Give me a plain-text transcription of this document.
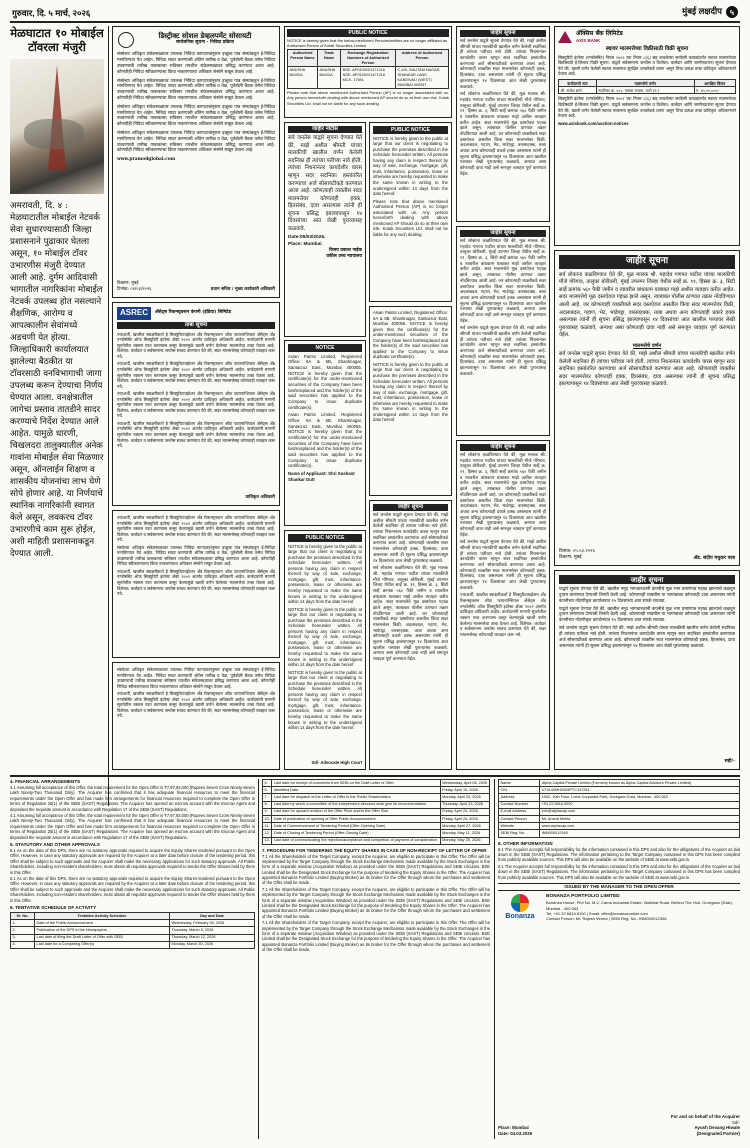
गुरुवार, दि. ५ मार्च, २०२६	मुंबई लक्षदीप ५
मेळघाटात १० मोबाईल टॉवरला मंजुरी
अमरावती, दि. ४ : मेळघाटातील मोबाईल नेटवर्क सेवा सुधारण्यासाठी जिल्हा प्रशासनाने पुढाकार घेतला असून, १० मोबाईल टॉवर उभारणीस मंजुरी देण्यात आली आहे. दुर्गम आदिवासी भागातील नागरिकांना मोबाईल नेटवर्क उपलब्ध होत नसल्याने शैक्षणिक, आरोग्य व आपत्कालीन सेवांमध्ये अडचणी येत होत्या. जिल्हाधिकारी कार्यालयात झालेल्या बैठकीत या टॉवरसाठी वनविभागाची जागा उपलब्ध करून देण्याचा निर्णय घेण्यात आला. वनक्षेत्रातील जागेचा प्रस्ताव तातडीने सादर करण्याचे निर्देश देण्यात आले आहेत. यामुळे धारणी, चिखलदरा तालुक्यातील अनेक गावांना मोबाईल सेवा मिळणार असून, ऑनलाईन शिक्षण व शासकीय योजनांचा लाभ घेणे सोपे होणार आहे. या निर्णयाचे स्थानिक नागरिकांनी स्वागत केले असून, लवकरच टॉवर उभारणीचे काम सुरू होईल, अशी माहिती प्रशासनाकडून देण्यात आली.
डिस्ट्रीक्ट सोशल डेव्हलपमेंट सोसायटी
सार्वजनिक सूचना - निविदा प्रक्रिया
संस्थेच्या अधिकृत संकेतस्थळावर उपलब्ध निविदा कागदपत्रांनुसार इच्छुक पात्र संस्थांकडून ई-निविदा मागविण्यात येत आहेत. निविदा सादर करण्याची अंतिम तारीख व वेळ, पूर्वबोली बैठक तसेच निविदा उघडण्याची तारीख याबाबतचा सविस्तर तपशील संकेतस्थळावर प्रसिद्ध करण्यात आला आहे. कोणतीही निविदा स्वीकारण्याचा किंवा नाकारण्याचा अधिकार संस्थेने राखून ठेवला आहे.
संस्थेच्या अधिकृत संकेतस्थळावर उपलब्ध निविदा कागदपत्रांनुसार इच्छुक पात्र संस्थांकडून ई-निविदा मागविण्यात येत आहेत. निविदा सादर करण्याची अंतिम तारीख व वेळ, पूर्वबोली बैठक तसेच निविदा उघडण्याची तारीख याबाबतचा सविस्तर तपशील संकेतस्थळावर प्रसिद्ध करण्यात आला आहे. कोणतीही निविदा स्वीकारण्याचा किंवा नाकारण्याचा अधिकार संस्थेने राखून ठेवला आहे.
संस्थेच्या अधिकृत संकेतस्थळावर उपलब्ध निविदा कागदपत्रांनुसार इच्छुक पात्र संस्थांकडून ई-निविदा मागविण्यात येत आहेत. निविदा सादर करण्याची अंतिम तारीख व वेळ, पूर्वबोली बैठक तसेच निविदा उघडण्याची तारीख याबाबतचा सविस्तर तपशील संकेतस्थळावर प्रसिद्ध करण्यात आला आहे. कोणतीही निविदा स्वीकारण्याचा किंवा नाकारण्याचा अधिकार संस्थेने राखून ठेवला आहे.
संस्थेच्या अधिकृत संकेतस्थळावर उपलब्ध निविदा कागदपत्रांनुसार इच्छुक पात्र संस्थांकडून ई-निविदा मागविण्यात येत आहेत. निविदा सादर करण्याची अंतिम तारीख व वेळ, पूर्वबोली बैठक तसेच निविदा उघडण्याची तारीख याबाबतचा सविस्तर तपशील संकेतस्थळावर प्रसिद्ध करण्यात आला आहे. कोणतीही निविदा स्वीकारण्याचा किंवा नाकारण्याचा अधिकार संस्थेने राखून ठेवला आहे.
www.pramodglobal.com
ठिकाण: मुंबई
दिनांक: ०४/०३/२०२६	प्रधान सचिव / मुख्य कार्यकारी अधिकारी
ASREC	ॲसेट्स रिकन्स्ट्रक्शन कंपनी (इंडिया) लिमिटेड
ताबा सूचना
ज्याअर्थी, खालील स्वाक्षरीकर्ता हे सिक्युरिटायझेशन अँड रिकन्स्ट्रक्शन ऑफ फायनान्शियल ॲसेट्स अँड एन्फोर्समेंट ऑफ सिक्युरिटी इंटरेस्ट ॲक्ट २००२ अंतर्गत प्राधिकृत अधिकारी आहेत. कर्जदारांनी मागणी सूचनेतील रक्कम परत करण्यास कसूर केल्यामुळे खाली वर्णन केलेल्या मालमत्तेचा ताबा घेतला आहे. विशेषत: कर्जदार व सर्वसामान्य जनतेस सावध करण्यात येते की, सदर मालमत्तेसह कोणताही व्यवहार करू नये.
ज्याअर्थी, खालील स्वाक्षरीकर्ता हे सिक्युरिटायझेशन अँड रिकन्स्ट्रक्शन ऑफ फायनान्शियल ॲसेट्स अँड एन्फोर्समेंट ऑफ सिक्युरिटी इंटरेस्ट ॲक्ट २००२ अंतर्गत प्राधिकृत अधिकारी आहेत. कर्जदारांनी मागणी सूचनेतील रक्कम परत करण्यास कसूर केल्यामुळे खाली वर्णन केलेल्या मालमत्तेचा ताबा घेतला आहे. विशेषत: कर्जदार व सर्वसामान्य जनतेस सावध करण्यात येते की, सदर मालमत्तेसह कोणताही व्यवहार करू नये.
ज्याअर्थी, खालील स्वाक्षरीकर्ता हे सिक्युरिटायझेशन अँड रिकन्स्ट्रक्शन ऑफ फायनान्शियल ॲसेट्स अँड एन्फोर्समेंट ऑफ सिक्युरिटी इंटरेस्ट ॲक्ट २००२ अंतर्गत प्राधिकृत अधिकारी आहेत. कर्जदारांनी मागणी सूचनेतील रक्कम परत करण्यास कसूर केल्यामुळे खाली वर्णन केलेल्या मालमत्तेचा ताबा घेतला आहे. विशेषत: कर्जदार व सर्वसामान्य जनतेस सावध करण्यात येते की, सदर मालमत्तेसह कोणताही व्यवहार करू नये.
ज्याअर्थी, खालील स्वाक्षरीकर्ता हे सिक्युरिटायझेशन अँड रिकन्स्ट्रक्शन ऑफ फायनान्शियल ॲसेट्स अँड एन्फोर्समेंट ऑफ सिक्युरिटी इंटरेस्ट ॲक्ट २००२ अंतर्गत प्राधिकृत अधिकारी आहेत. कर्जदारांनी मागणी सूचनेतील रक्कम परत करण्यास कसूर केल्यामुळे खाली वर्णन केलेल्या मालमत्तेचा ताबा घेतला आहे. विशेषत: कर्जदार व सर्वसामान्य जनतेस सावध करण्यात येते की, सदर मालमत्तेसह कोणताही व्यवहार करू नये.
प्राधिकृत अधिकारी
ज्याअर्थी, खालील स्वाक्षरीकर्ता हे सिक्युरिटायझेशन अँड रिकन्स्ट्रक्शन ऑफ फायनान्शियल ॲसेट्स अँड एन्फोर्समेंट ऑफ सिक्युरिटी इंटरेस्ट ॲक्ट २००२ अंतर्गत प्राधिकृत अधिकारी आहेत. कर्जदारांनी मागणी सूचनेतील रक्कम परत करण्यास कसूर केल्यामुळे खाली वर्णन केलेल्या मालमत्तेचा ताबा घेतला आहे. विशेषत: कर्जदार व सर्वसामान्य जनतेस सावध करण्यात येते की, सदर मालमत्तेसह कोणताही व्यवहार करू नये.
संस्थेच्या अधिकृत संकेतस्थळावर उपलब्ध निविदा कागदपत्रांनुसार इच्छुक पात्र संस्थांकडून ई-निविदा मागविण्यात येत आहेत. निविदा सादर करण्याची अंतिम तारीख व वेळ, पूर्वबोली बैठक तसेच निविदा उघडण्याची तारीख याबाबतचा सविस्तर तपशील संकेतस्थळावर प्रसिद्ध करण्यात आला आहे. कोणतीही निविदा स्वीकारण्याचा किंवा नाकारण्याचा अधिकार संस्थेने राखून ठेवला आहे.
ज्याअर्थी, खालील स्वाक्षरीकर्ता हे सिक्युरिटायझेशन अँड रिकन्स्ट्रक्शन ऑफ फायनान्शियल ॲसेट्स अँड एन्फोर्समेंट ऑफ सिक्युरिटी इंटरेस्ट ॲक्ट २००२ अंतर्गत प्राधिकृत अधिकारी आहेत. कर्जदारांनी मागणी सूचनेतील रक्कम परत करण्यास कसूर केल्यामुळे खाली वर्णन केलेल्या मालमत्तेचा ताबा घेतला आहे. विशेषत: कर्जदार व सर्वसामान्य जनतेस सावध करण्यात येते की, सदर मालमत्तेसह कोणताही व्यवहार करू नये.
संस्थेच्या अधिकृत संकेतस्थळावर उपलब्ध निविदा कागदपत्रांनुसार इच्छुक पात्र संस्थांकडून ई-निविदा मागविण्यात येत आहेत. निविदा सादर करण्याची अंतिम तारीख व वेळ, पूर्वबोली बैठक तसेच निविदा उघडण्याची तारीख याबाबतचा सविस्तर तपशील संकेतस्थळावर प्रसिद्ध करण्यात आला आहे. कोणतीही निविदा स्वीकारण्याचा किंवा नाकारण्याचा अधिकार संस्थेने राखून ठेवला आहे.
ज्याअर्थी, खालील स्वाक्षरीकर्ता हे सिक्युरिटायझेशन अँड रिकन्स्ट्रक्शन ऑफ फायनान्शियल ॲसेट्स अँड एन्फोर्समेंट ऑफ सिक्युरिटी इंटरेस्ट ॲक्ट २००२ अंतर्गत प्राधिकृत अधिकारी आहेत. कर्जदारांनी मागणी सूचनेतील रक्कम परत करण्यास कसूर केल्यामुळे खाली वर्णन केलेल्या मालमत्तेचा ताबा घेतला आहे. विशेषत: कर्जदार व सर्वसामान्य जनतेस सावध करण्यात येते की, सदर मालमत्तेसह कोणताही व्यवहार करू नये.
PUBLIC NOTICE
NOTICE is hereby given that the below mentioned Persons/entities are no longer affiliated as Authorised Person of Kotak Securities Limited
Authorized Person Name	Trade Name	Exchange Registration Numbers of Authorized Person	Address of Authorized Person
ANUSHA BAGDA	ANUSHA BAGDA	BSE- AP0109201471216 NSE- AP0109201471216 MCX- 17691	C-4/5, GAUTAM NAGAR, SHANKAR LANE, KANDIVALI (WEST) MUMBAI 400067
Please note that above mentioned Authorised Person (AP) is no longer associated with us. Any person henceforth dealing with above mentioned AP should do so at their own risk. Kotak Securities Ltd. shall not be liable for any such dealing.
जाहीर नोटीस
सर्व जनतेस याद्वारे सूचना देण्यात येते की, माझे अशील श्रीमती यांच्या मालकीची खालील वर्णन केलेली सदनिका ही त्यांच्या पतीच्या नावे होती. त्यांच्या निधनानंतर कायदेशीर वारस म्हणून सदर सदनिका हस्तांतरित करण्याचा अर्ज सोसायटीकडे करण्यात आला आहे. कोणत्याही व्यक्तीस सदर मालमत्तेवर कोणताही हक्क, हितसंबंध, दावा असल्यास त्यांनी ही सूचना प्रसिद्ध झाल्यापासून १४ दिवसांच्या आत लेखी पुराव्यासह कळवावे.
Date:05/03/2026.
Place: Mumbai
विजय प्रकाश नाईक
वकील उच्च न्यायालय
NOTICE
Asian Paints Limited, Registered Office: 6A & 6B, Shantinagar, Santacruz East, Mumbai 400055. NOTICE is hereby given that the certificate(s) for the under-mentioned securities of the Company have been lost/misplaced and the holder(s) of the said securities has applied to the Company to issue duplicate certificate(s).
Asian Paints Limited, Registered Office: 6A & 6B, Shantinagar, Santacruz East, Mumbai 400055. NOTICE is hereby given that the certificate(s) for the under-mentioned securities of the Company have been lost/misplaced and the holder(s) of the said securities has applied to the Company to issue duplicate certificate(s).
Name of Applicant: Shri Sushant Shankar Dutt
PUBLIC NOTICE
NOTICE is hereby given to the public at large that our client is negotiating to purchase the premises described in the Schedule hereunder written. All persons having any claim in respect thereof by way of sale, exchange, mortgage, gift, trust, inheritance, possession, lease or otherwise are hereby requested to make the same known in writing to the undersigned within 14 days from the date hereof.
NOTICE is hereby given to the public at large that our client is negotiating to purchase the premises described in the Schedule hereunder written. All persons having any claim in respect thereof by way of sale, exchange, mortgage, gift, trust, inheritance, possession, lease or otherwise are hereby requested to make the same known in writing to the undersigned within 14 days from the date hereof.
NOTICE is hereby given to the public at large that our client is negotiating to purchase the premises described in the Schedule hereunder written. All persons having any claim in respect thereof by way of sale, exchange, mortgage, gift, trust, inheritance, possession, lease or otherwise are hereby requested to make the same known in writing to the undersigned within 14 days from the date hereof.
Sd/- Advocate High Court
PUBLIC NOTICE
NOTICE is hereby given to the public at large that our client is negotiating to purchase the premises described in the Schedule hereunder written. All persons having any claim in respect thereof by way of sale, exchange, mortgage, gift, trust, inheritance, possession, lease or otherwise are hereby requested to make the same known in writing to the undersigned within 14 days from the date hereof.
Please note that above mentioned Authorised Person (AP) is no longer associated with us. Any person henceforth dealing with above mentioned AP should do so at their own risk. Kotak Securities Ltd. shall not be liable for any such dealing.
Asian Paints Limited, Registered Office: 6A & 6B, Shantinagar, Santacruz East, Mumbai 400055. NOTICE is hereby given that the certificate(s) for the under-mentioned securities of the Company have been lost/misplaced and the holder(s) of the said securities has applied to the Company to issue duplicate certificate(s).
NOTICE is hereby given to the public at large that our client is negotiating to purchase the premises described in the Schedule hereunder written. All persons having any claim in respect thereof by way of sale, exchange, mortgage, gift, trust, inheritance, possession, lease or otherwise are hereby requested to make the same known in writing to the undersigned within 14 days from the date hereof.
जाहीर सूचना
सर्व जनतेस याद्वारे सूचना देण्यात येते की, माझे अशील श्रीमती यांच्या मालकीची खालील वर्णन केलेली सदनिका ही त्यांच्या पतीच्या नावे होती. त्यांच्या निधनानंतर कायदेशीर वारस म्हणून सदर सदनिका हस्तांतरित करण्याचा अर्ज सोसायटीकडे करण्यात आला आहे. कोणत्याही व्यक्तीस सदर मालमत्तेवर कोणताही हक्क, हितसंबंध, दावा असल्यास त्यांनी ही सूचना प्रसिद्ध झाल्यापासून १४ दिवसांच्या आत लेखी पुराव्यासह कळवावे.
सर्व लोकांना कळविण्यात येते की, मूळ मालक श्री. महादेव गणपत पाटील यांच्या मालकीची मौजे गोरेगाव, तालुका बोरीवली, मुंबई उपनगर जिल्हा येथील सर्व्हे क्र. ११, हिस्सा क्र. ३, सिटी सर्व्हे क्रमांक ५६० पैकी जमीन व त्यावरील बांधकाम याबाबत माझे अशील व्यवहार करीत आहेत. सदर मालमत्तेचे मूळ दस्तऐवज गहाळ झाले असून, त्याबाबत पोलीस ठाण्यात तक्रार नोंदविण्यात आली आहे. जर कोणत्याही व्यक्तीकडे सदर दस्तऐवज असतील किंवा सदर मालमत्तेवर विक्री, अदलाबदल, गहाण, भेट, भाडेपट्टा, वारसाहक्क, ताबा अथवा अन्य कोणत्याही प्रकारे हक्क असल्यास त्यांनी ही सूचना प्रसिद्ध झाल्यापासून १४ दिवसांच्या आत खालील पत्त्यावर लेखी पुराव्यासह कळवावे, अन्यथा असा कोणताही दावा नाही असे समजून व्यवहार पूर्ण करण्यात येईल.
जाहीर सूचना
सर्व जनतेस याद्वारे सूचना देण्यात येते की, माझे अशील श्रीमती यांच्या मालकीची खालील वर्णन केलेली सदनिका ही त्यांच्या पतीच्या नावे होती. त्यांच्या निधनानंतर कायदेशीर वारस म्हणून सदर सदनिका हस्तांतरित करण्याचा अर्ज सोसायटीकडे करण्यात आला आहे. कोणत्याही व्यक्तीस सदर मालमत्तेवर कोणताही हक्क, हितसंबंध, दावा असल्यास त्यांनी ही सूचना प्रसिद्ध झाल्यापासून १४ दिवसांच्या आत लेखी पुराव्यासह कळवावे.
सर्व लोकांना कळविण्यात येते की, मूळ मालक श्री. महादेव गणपत पाटील यांच्या मालकीची मौजे गोरेगाव, तालुका बोरीवली, मुंबई उपनगर जिल्हा येथील सर्व्हे क्र. ११, हिस्सा क्र. ३, सिटी सर्व्हे क्रमांक ५६० पैकी जमीन व त्यावरील बांधकाम याबाबत माझे अशील व्यवहार करीत आहेत. सदर मालमत्तेचे मूळ दस्तऐवज गहाळ झाले असून, त्याबाबत पोलीस ठाण्यात तक्रार नोंदविण्यात आली आहे. जर कोणत्याही व्यक्तीकडे सदर दस्तऐवज असतील किंवा सदर मालमत्तेवर विक्री, अदलाबदल, गहाण, भेट, भाडेपट्टा, वारसाहक्क, ताबा अथवा अन्य कोणत्याही प्रकारे हक्क असल्यास त्यांनी ही सूचना प्रसिद्ध झाल्यापासून १४ दिवसांच्या आत खालील पत्त्यावर लेखी पुराव्यासह कळवावे, अन्यथा असा कोणताही दावा नाही असे समजून व्यवहार पूर्ण करण्यात येईल.
जाहीर सूचना
सर्व लोकांना कळविण्यात येते की, मूळ मालक श्री. महादेव गणपत पाटील यांच्या मालकीची मौजे गोरेगाव, तालुका बोरीवली, मुंबई उपनगर जिल्हा येथील सर्व्हे क्र. ११, हिस्सा क्र. ३, सिटी सर्व्हे क्रमांक ५६० पैकी जमीन व त्यावरील बांधकाम याबाबत माझे अशील व्यवहार करीत आहेत. सदर मालमत्तेचे मूळ दस्तऐवज गहाळ झाले असून, त्याबाबत पोलीस ठाण्यात तक्रार नोंदविण्यात आली आहे. जर कोणत्याही व्यक्तीकडे सदर दस्तऐवज असतील किंवा सदर मालमत्तेवर विक्री, अदलाबदल, गहाण, भेट, भाडेपट्टा, वारसाहक्क, ताबा अथवा अन्य कोणत्याही प्रकारे हक्क असल्यास त्यांनी ही सूचना प्रसिद्ध झाल्यापासून १४ दिवसांच्या आत खालील पत्त्यावर लेखी पुराव्यासह कळवावे, अन्यथा असा कोणताही दावा नाही असे समजून व्यवहार पूर्ण करण्यात येईल.
सर्व जनतेस याद्वारे सूचना देण्यात येते की, माझे अशील श्रीमती यांच्या मालकीची खालील वर्णन केलेली सदनिका ही त्यांच्या पतीच्या नावे होती. त्यांच्या निधनानंतर कायदेशीर वारस म्हणून सदर सदनिका हस्तांतरित करण्याचा अर्ज सोसायटीकडे करण्यात आला आहे. कोणत्याही व्यक्तीस सदर मालमत्तेवर कोणताही हक्क, हितसंबंध, दावा असल्यास त्यांनी ही सूचना प्रसिद्ध झाल्यापासून १४ दिवसांच्या आत लेखी पुराव्यासह कळवावे.
जाहीर सूचना
सर्व लोकांना कळविण्यात येते की, मूळ मालक श्री. महादेव गणपत पाटील यांच्या मालकीची मौजे गोरेगाव, तालुका बोरीवली, मुंबई उपनगर जिल्हा येथील सर्व्हे क्र. ११, हिस्सा क्र. ३, सिटी सर्व्हे क्रमांक ५६० पैकी जमीन व त्यावरील बांधकाम याबाबत माझे अशील व्यवहार करीत आहेत. सदर मालमत्तेचे मूळ दस्तऐवज गहाळ झाले असून, त्याबाबत पोलीस ठाण्यात तक्रार नोंदविण्यात आली आहे. जर कोणत्याही व्यक्तीकडे सदर दस्तऐवज असतील किंवा सदर मालमत्तेवर विक्री, अदलाबदल, गहाण, भेट, भाडेपट्टा, वारसाहक्क, ताबा अथवा अन्य कोणत्याही प्रकारे हक्क असल्यास त्यांनी ही सूचना प्रसिद्ध झाल्यापासून १४ दिवसांच्या आत खालील पत्त्यावर लेखी पुराव्यासह कळवावे, अन्यथा असा कोणताही दावा नाही असे समजून व्यवहार पूर्ण करण्यात येईल.
सर्व जनतेस याद्वारे सूचना देण्यात येते की, माझे अशील श्रीमती यांच्या मालकीची खालील वर्णन केलेली सदनिका ही त्यांच्या पतीच्या नावे होती. त्यांच्या निधनानंतर कायदेशीर वारस म्हणून सदर सदनिका हस्तांतरित करण्याचा अर्ज सोसायटीकडे करण्यात आला आहे. कोणत्याही व्यक्तीस सदर मालमत्तेवर कोणताही हक्क, हितसंबंध, दावा असल्यास त्यांनी ही सूचना प्रसिद्ध झाल्यापासून १४ दिवसांच्या आत लेखी पुराव्यासह कळवावे.
ज्याअर्थी, खालील स्वाक्षरीकर्ता हे सिक्युरिटायझेशन अँड रिकन्स्ट्रक्शन ऑफ फायनान्शियल ॲसेट्स अँड एन्फोर्समेंट ऑफ सिक्युरिटी इंटरेस्ट ॲक्ट २००२ अंतर्गत प्राधिकृत अधिकारी आहेत. कर्जदारांनी मागणी सूचनेतील रक्कम परत करण्यास कसूर केल्यामुळे खाली वर्णन केलेल्या मालमत्तेचा ताबा घेतला आहे. विशेषत: कर्जदार व सर्वसामान्य जनतेस सावध करण्यात येते की, सदर मालमत्तेसह कोणताही व्यवहार करू नये.
ॲक्सिस बँक लिमिटेड
AXIS BANK
स्थावर मालमत्तेच्या विक्रीसाठी विक्री सूचना
सिक्युरिटी इंटरेस्ट (एन्फोर्समेंट) नियम २००२ च्या नियम ८(६) सह वाचलेल्या सरफेसी कायद्यांतर्गत स्थावर मालमत्तेच्या विक्रीसाठी ई-लिलाव विक्री सूचना. याद्वारे सर्वसामान्य जनतेस व विशेषत: कर्जदार आणि जामीनदारांना सूचना देण्यात येते की, खाली वर्णन केलेली स्थावर मालमत्ता सुरक्षित धनकोकडे तारण असून तिचा प्रत्यक्ष ताबा प्राधिकृत अधिकाऱ्याने घेतला आहे.
कर्जदाराचे नाव	मालमत्तेचे वर्णन	आरक्षित किंमत
श्री. राजेश शर्मा	सदनिका क्र. ५०२, पाचवा मजला, ठाणे (प.)	रु. ४५,००,०००/-
सिक्युरिटी इंटरेस्ट (एन्फोर्समेंट) नियम २००२ च्या नियम ८(६) सह वाचलेल्या सरफेसी कायद्यांतर्गत स्थावर मालमत्तेच्या विक्रीसाठी ई-लिलाव विक्री सूचना. याद्वारे सर्वसामान्य जनतेस व विशेषत: कर्जदार आणि जामीनदारांना सूचना देण्यात येते की, खाली वर्णन केलेली स्थावर मालमत्ता सुरक्षित धनकोकडे तारण असून तिचा प्रत्यक्ष ताबा प्राधिकृत अधिकाऱ्याने घेतला आहे.
www.axisbank.com/auction-notices
जाहीर सूचना
सर्व लोकांना कळविण्यात येते की, मूळ मालक श्री. महादेव गणपत पाटील यांच्या मालकीची मौजे गोरेगाव, तालुका बोरीवली, मुंबई उपनगर जिल्हा येथील सर्व्हे क्र. ११, हिस्सा क्र. ३, सिटी सर्व्हे क्रमांक ५६० पैकी जमीन व त्यावरील बांधकाम याबाबत माझे अशील व्यवहार करीत आहेत. सदर मालमत्तेचे मूळ दस्तऐवज गहाळ झाले असून, त्याबाबत पोलीस ठाण्यात तक्रार नोंदविण्यात आली आहे. जर कोणत्याही व्यक्तीकडे सदर दस्तऐवज असतील किंवा सदर मालमत्तेवर विक्री, अदलाबदल, गहाण, भेट, भाडेपट्टा, वारसाहक्क, ताबा अथवा अन्य कोणत्याही प्रकारे हक्क असल्यास त्यांनी ही सूचना प्रसिद्ध झाल्यापासून १४ दिवसांच्या आत खालील पत्त्यावर लेखी पुराव्यासह कळवावे, अन्यथा असा कोणताही दावा नाही असे समजून व्यवहार पूर्ण करण्यात येईल.
मालमत्तेचे वर्णन
सर्व जनतेस याद्वारे सूचना देण्यात येते की, माझे अशील श्रीमती यांच्या मालकीची खालील वर्णन केलेली सदनिका ही त्यांच्या पतीच्या नावे होती. त्यांच्या निधनानंतर कायदेशीर वारस म्हणून सदर सदनिका हस्तांतरित करण्याचा अर्ज सोसायटीकडे करण्यात आला आहे. कोणत्याही व्यक्तीस सदर मालमत्तेवर कोणताही हक्क, हितसंबंध, दावा असल्यास त्यांनी ही सूचना प्रसिद्ध झाल्यापासून १४ दिवसांच्या आत लेखी पुराव्यासह कळवावे.
दिनांक: ०५.०३.२०२६
ठिकाण: मुंबई	ॲड. संदीप मधुकर परब
जाहीर सूचना
याद्वारे सूचना देण्यात येते की, खालील नमूद भागधारकांनी कंपनीचे मूळ भाग प्रमाणपत्र गहाळ झाल्याचे कळवून दुय्यम प्रमाणपत्र देण्याची विनंती केली आहे. कोणत्याही व्यक्तीस या भागांबाबत कोणताही दावा असल्यास त्यांनी कंपनीच्या नोंदणीकृत कार्यालयात १५ दिवसांच्या आत संपर्क साधावा.
याद्वारे सूचना देण्यात येते की, खालील नमूद भागधारकांनी कंपनीचे मूळ भाग प्रमाणपत्र गहाळ झाल्याचे कळवून दुय्यम प्रमाणपत्र देण्याची विनंती केली आहे. कोणत्याही व्यक्तीस या भागांबाबत कोणताही दावा असल्यास त्यांनी कंपनीच्या नोंदणीकृत कार्यालयात १५ दिवसांच्या आत संपर्क साधावा.
सर्व जनतेस याद्वारे सूचना देण्यात येते की, माझे अशील श्रीमती यांच्या मालकीची खालील वर्णन केलेली सदनिका ही त्यांच्या पतीच्या नावे होती. त्यांच्या निधनानंतर कायदेशीर वारस म्हणून सदर सदनिका हस्तांतरित करण्याचा अर्ज सोसायटीकडे करण्यात आला आहे. कोणत्याही व्यक्तीस सदर मालमत्तेवर कोणताही हक्क, हितसंबंध, दावा असल्यास त्यांनी ही सूचना प्रसिद्ध झाल्यापासून १४ दिवसांच्या आत लेखी पुराव्यासह कळवावे.
सही/-
4. FINANCIAL ARRANGEMENTS
4.1 Assuming full acceptance of this Offer, the total requirement for the Open Offer is ₹7,97,92,000 (Rupees Seven Crore Ninety-Seven Lakh Ninety-Two Thousand Only). The Acquirer has confirmed that it has adequate financial resources to meet the financial requirements under the Open Offer and has made firm arrangements for financial resources required to complete the Open Offer in terms of Regulation 25(1) of the SEBI (SAST) Regulations. The Acquirer has opened an escrow account with the Escrow Agent and deposited the requisite amount in accordance with Regulation 17 of the SEBI (SAST) Regulations.
4.1 Assuming full acceptance of this Offer, the total requirement for the Open Offer is ₹7,97,92,000 (Rupees Seven Crore Ninety-Seven Lakh Ninety-Two Thousand Only). The Acquirer has confirmed that it has adequate financial resources to meet the financial requirements under the Open Offer and has made firm arrangements for financial resources required to complete the Open Offer in terms of Regulation 25(1) of the SEBI (SAST) Regulations. The Acquirer has opened an escrow account with the Escrow Agent and deposited the requisite amount in accordance with Regulation 17 of the SEBI (SAST) Regulations.
5. STATUTORY AND OTHER APPROVALS
5.1 As on the date of this DPS, there are no statutory approvals required to acquire the Equity Shares tendered pursuant to the Open Offer. However, in case any statutory approvals are required by the Acquirer at a later date before closure of the tendering period, this Offer shall be subject to such approvals and the Acquirer shall make the necessary applications for such statutory approvals. All Public Shareholders, including non-resident shareholders, must obtain all requisite approvals required to tender the Offer Shares held by them in this Offer.
5.1 As on the date of this DPS, there are no statutory approvals required to acquire the Equity Shares tendered pursuant to the Open Offer. However, in case any statutory approvals are required by the Acquirer at a later date before closure of the tendering period, this Offer shall be subject to such approvals and the Acquirer shall make the necessary applications for such statutory approvals. All Public Shareholders, including non-resident shareholders, must obtain all requisite approvals required to tender the Offer Shares held by them in this Offer.
6. TENTATIVE SCHEDULE OF ACTIVITY
Sr. No.	Tentative Activity Schedule	Day and Date
1.	Date of the Public Announcement	Wednesday, February 25, 2026
2.	Publication of the DPS in the Newspapers	Thursday, March 5, 2026
3.	Last date of filing the Draft Letter of Offer with SEBI	Thursday, March 12, 2026
4.	Last date for a Competing Offer(s)	Monday, March 30, 2026
5.	Last date for receipt of comments from SEBI on the Draft Letter of Offer	Wednesday, April 08, 2026
6.	Identified Date	Friday, April 10, 2026
7.	Last date for dispatch of the Letter of Offer to the Public Shareholders	Monday, April 20, 2026
8.	Last date by which a committee of the independent directors shall give its recommendation	Thursday, April 23, 2026
9.	Last date for upward revision of the Offer Price and/or the Offer Size	Friday, April 24, 2026
10.	Date of publication of opening of Offer Public Announcement	Friday, April 24, 2026
11.	Date of Commencement of Tendering Period (Offer Opening Date)	Monday, April 27, 2026
12.	Date of Closing of Tendering Period (Offer Closing Date)	Monday, May 11, 2026
13.	Last date of communicating the rejection/acceptance and completion of payment of consideration	Monday, May 25, 2026
7. PROCEDURE FOR TENDERING THE EQUITY SHARES IN CASE OF NON-RECEIPT OF LETTER OF OFFER
7.1 All the Shareholders of the Target Company, except the Acquirer, are eligible to participate in this Offer. The Offer will be implemented by the Target Company through the Stock Exchange Mechanism made available by the Stock Exchanges in the form of a separate window (Acquisition Window) as provided under the SEBI (SAST) Regulations and SEBI circulars. BSE Limited shall be the Designated Stock Exchange for the purpose of tendering the Equity Shares in the Offer. The Acquirer has appointed Bonanza Portfolio Limited (Buying Broker) as its broker for the Offer through whom the purchases and settlement of the Offer shall be made.
7.1 All the Shareholders of the Target Company, except the Acquirer, are eligible to participate in this Offer. The Offer will be implemented by the Target Company through the Stock Exchange Mechanism made available by the Stock Exchanges in the form of a separate window (Acquisition Window) as provided under the SEBI (SAST) Regulations and SEBI circulars. BSE Limited shall be the Designated Stock Exchange for the purpose of tendering the Equity Shares in the Offer. The Acquirer has appointed Bonanza Portfolio Limited (Buying Broker) as its broker for the Offer through whom the purchases and settlement of the Offer shall be made.
7.1 All the Shareholders of the Target Company, except the Acquirer, are eligible to participate in this Offer. The Offer will be implemented by the Target Company through the Stock Exchange Mechanism made available by the Stock Exchanges in the form of a separate window (Acquisition Window) as provided under the SEBI (SAST) Regulations and SEBI circulars. BSE Limited shall be the Designated Stock Exchange for the purpose of tendering the Equity Shares in the Offer. The Acquirer has appointed Bonanza Portfolio Limited (Buying Broker) as its broker for the Offer through whom the purchases and settlement of the Offer shall be made.
Name	Alpha Capital Private Limited (Formerly known as Alpha Capital Advisors Private Limited)
CIN	U74140MH2009PTC197281
Address	1002, 10th Floor, Lotus Corporate Park, Goregaon East, Mumbai - 400 063
Contact Number	+91 22 6816 0000
E-mail Address	info@alphacap.com
Contact Person	Mr. Anand Mehta
Website	www.alphacap.com
SEBI Reg. No.	INM000012345
8. OTHER INFORMATION
8.1 The Acquirer accepts full responsibility for the information contained in this DPS and also for the obligations of the Acquirer as laid down in the SEBI (SAST) Regulations. The information pertaining to the Target Company contained in this DPS has been compiled from publicly available sources. This DPS will also be available on the website of SEBI at www.sebi.gov.in.
8.1 The Acquirer accepts full responsibility for the information contained in this DPS and also for the obligations of the Acquirer as laid down in the SEBI (SAST) Regulations. The information pertaining to the Target Company contained in this DPS has been compiled from publicly available sources. This DPS will also be available on the website of SEBI at www.sebi.gov.in.
ISSUED BY THE MANAGER TO THE OPEN OFFER
Bonanza
BONANZA PORTFOLIO LIMITED
Bonanza House, Plot No. M-2, Cama Industrial Estate, Walbhat Road, Behind The Hub, Goregaon (East), Mumbai - 400 063
Tel: +91 22 6816 8100 | Email: offer@bonanzaonline.com
Contact Person: Mr. Rajesh Verma | SEBI Reg. No.: INM000012306
Place: Mumbai
Date: 04.03.2026
For and on behalf of the Acquirer
Sd/-
Ayush Devang Hiwale
(Designated Partner)
